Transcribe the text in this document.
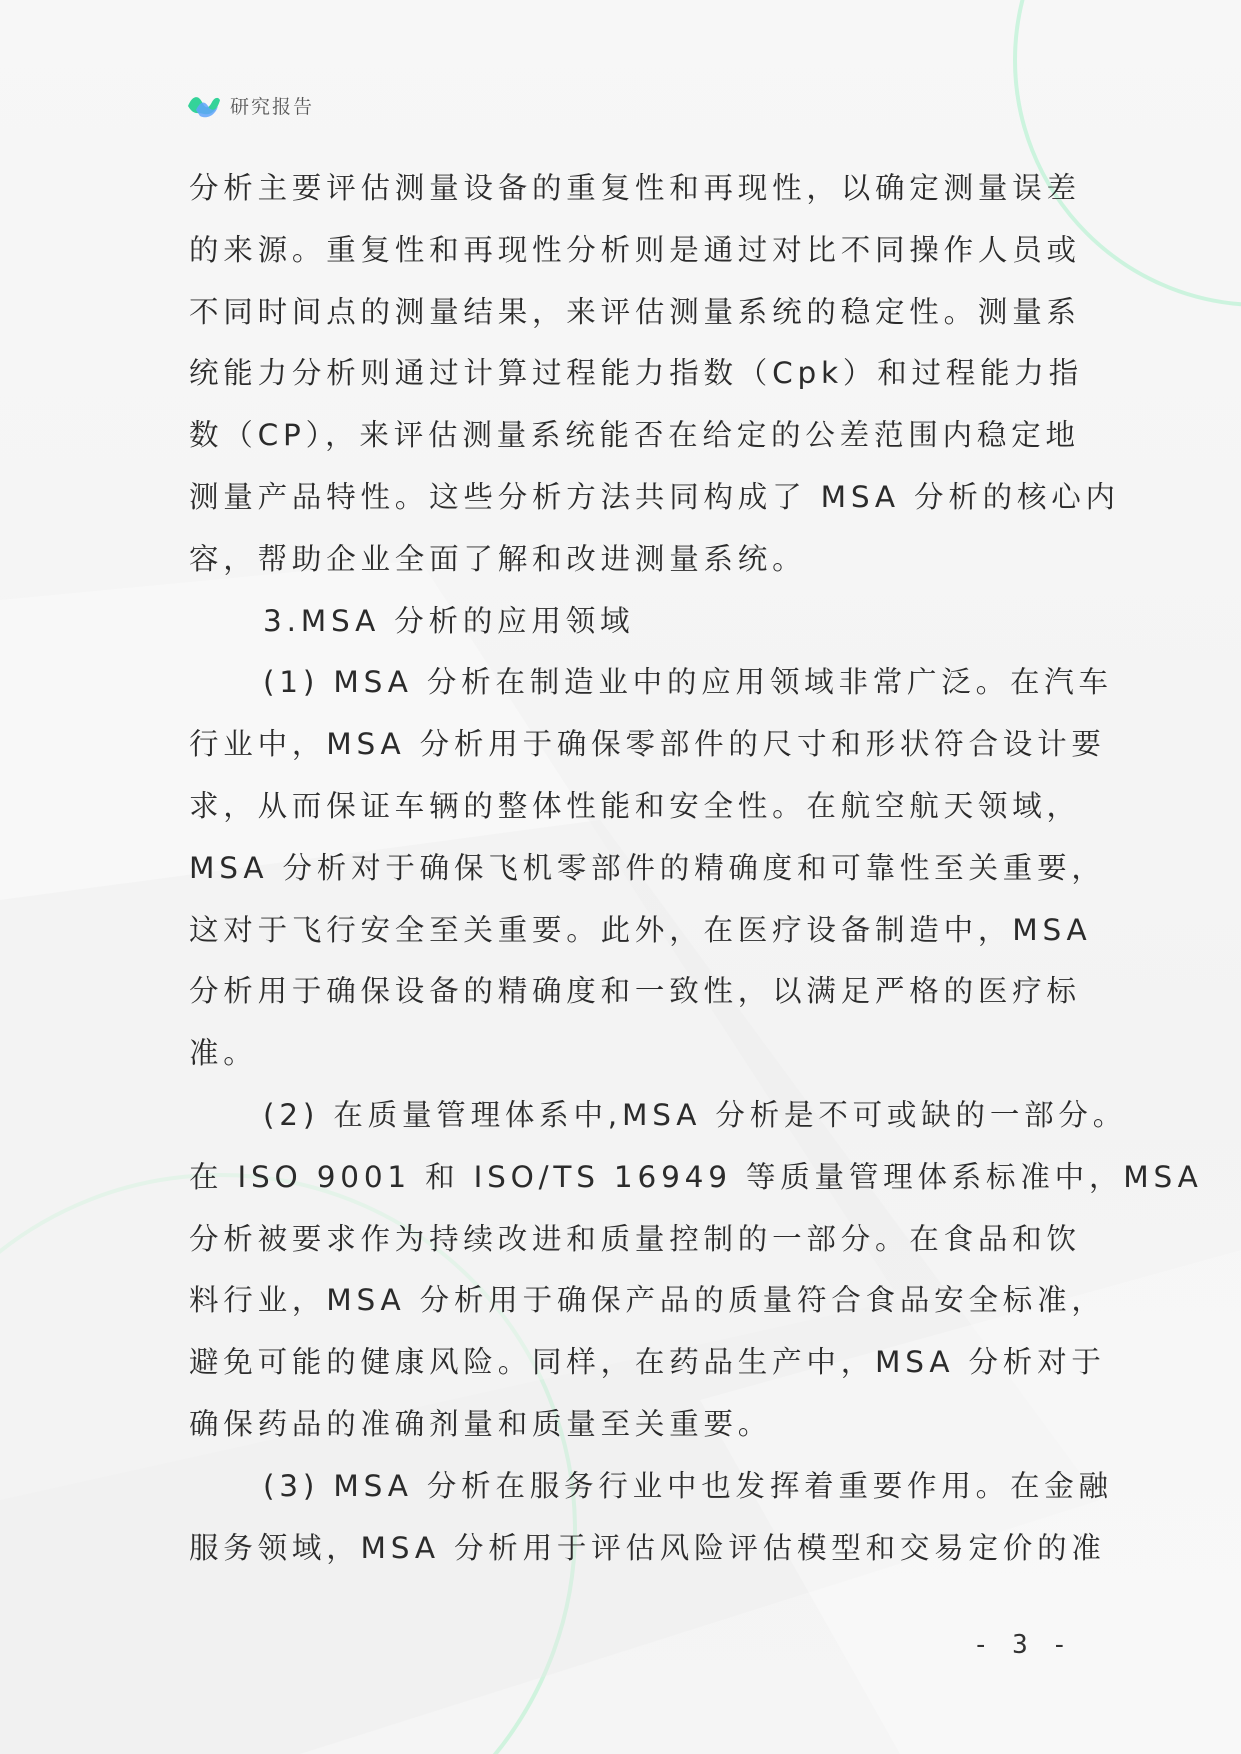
研究报告
分析主要评估测量设备的重复性和再现性，以确定测量误差
的来源。重复性和再现性分析则是通过对比不同操作人员或
不同时间点的测量结果，来评估测量系统的稳定性。测量系
统能力分析则通过计算过程能力指数（Cpk）和过程能力指
数（CP），来评估测量系统能否在给定的公差范围内稳定地
测量产品特性。这些分析方法共同构成了 MSA 分析的核心内
容，帮助企业全面了解和改进测量系统。
3.MSA 分析的应用领域
(1) MSA 分析在制造业中的应用领域非常广泛。在汽车
行业中，MSA 分析用于确保零部件的尺寸和形状符合设计要
求，从而保证车辆的整体性能和安全性。在航空航天领域，
MSA 分析对于确保飞机零部件的精确度和可靠性至关重要，
这对于飞行安全至关重要。此外，在医疗设备制造中，MSA
分析用于确保设备的精确度和一致性，以满足严格的医疗标
准。
(2) 在质量管理体系中,MSA 分析是不可或缺的一部分。
在 ISO 9001 和 ISO/TS 16949 等质量管理体系标准中，MSA
分析被要求作为持续改进和质量控制的一部分。在食品和饮
料行业，MSA 分析用于确保产品的质量符合食品安全标准，
避免可能的健康风险。同样，在药品生产中，MSA 分析对于
确保药品的准确剂量和质量至关重要。
(3) MSA 分析在服务行业中也发挥着重要作用。在金融
服务领域，MSA 分析用于评估风险评估模型和交易定价的准
- 3 -
